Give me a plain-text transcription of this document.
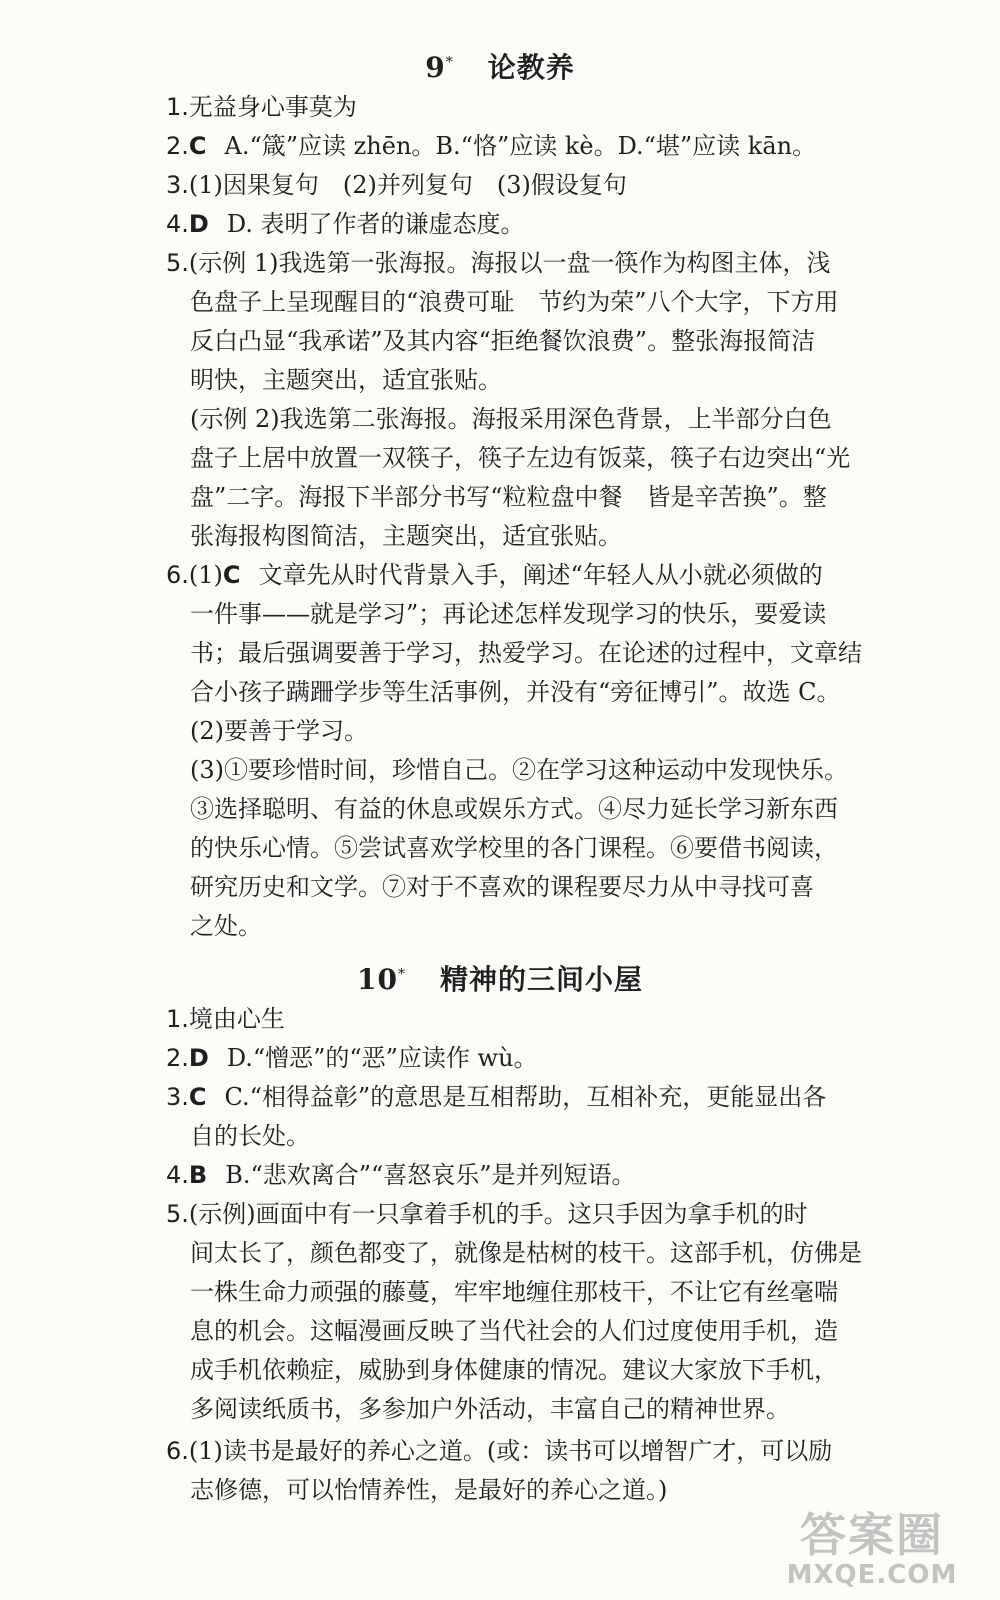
9* 论教养
1.无益身心事莫为
2.C A.“箴”应读 zhēn。B.“恪”应读 kè。D.“堪”应读 kān。
3.(1)因果复句　(2)并列复句　(3)假设复句
4.D D. 表明了作者的谦虚态度。
5.(示例 1)我选第一张海报。海报以一盘一筷作为构图主体，浅
色盘子上呈现醒目的“浪费可耻　节约为荣”八个大字，下方用
反白凸显“我承诺”及其内容“拒绝餐饮浪费”。整张海报简洁
明快，主题突出，适宜张贴。
(示例 2)我选第二张海报。海报采用深色背景，上半部分白色
盘子上居中放置一双筷子，筷子左边有饭菜，筷子右边突出“光
盘”二字。海报下半部分书写“粒粒盘中餐　皆是辛苦换”。整
张海报构图简洁，主题突出，适宜张贴。
6.(1)C 文章先从时代背景入手，阐述“年轻人从小就必须做的
一件事——就是学习”；再论述怎样发现学习的快乐，要爱读
书；最后强调要善于学习，热爱学习。在论述的过程中，文章结
合小孩子蹒跚学步等生活事例，并没有“旁征博引”。故选 C。
(2)要善于学习。
(3)①要珍惜时间，珍惜自己。②在学习这种运动中发现快乐。
③选择聪明、有益的休息或娱乐方式。④尽力延长学习新东西
的快乐心情。⑤尝试喜欢学校里的各门课程。⑥要借书阅读，
研究历史和文学。⑦对于不喜欢的课程要尽力从中寻找可喜
之处。
10* 精神的三间小屋
1.境由心生
2.D D.“憎恶”的“恶”应读作 wù。
3.C C.“相得益彰”的意思是互相帮助，互相补充，更能显出各
自的长处。
4.B B.“悲欢离合”“喜怒哀乐”是并列短语。
5.(示例)画面中有一只拿着手机的手。这只手因为拿手机的时
间太长了，颜色都变了，就像是枯树的枝干。这部手机，仿佛是
一株生命力顽强的藤蔓，牢牢地缠住那枝干，不让它有丝毫喘
息的机会。这幅漫画反映了当代社会的人们过度使用手机，造
成手机依赖症，威胁到身体健康的情况。建议大家放下手机，
多阅读纸质书，多参加户外活动，丰富自己的精神世界。
6.(1)读书是最好的养心之道。(或：读书可以增智广才，可以励
志修德，可以怡情养性，是最好的养心之道。)
答案圈
MXQE.COM
